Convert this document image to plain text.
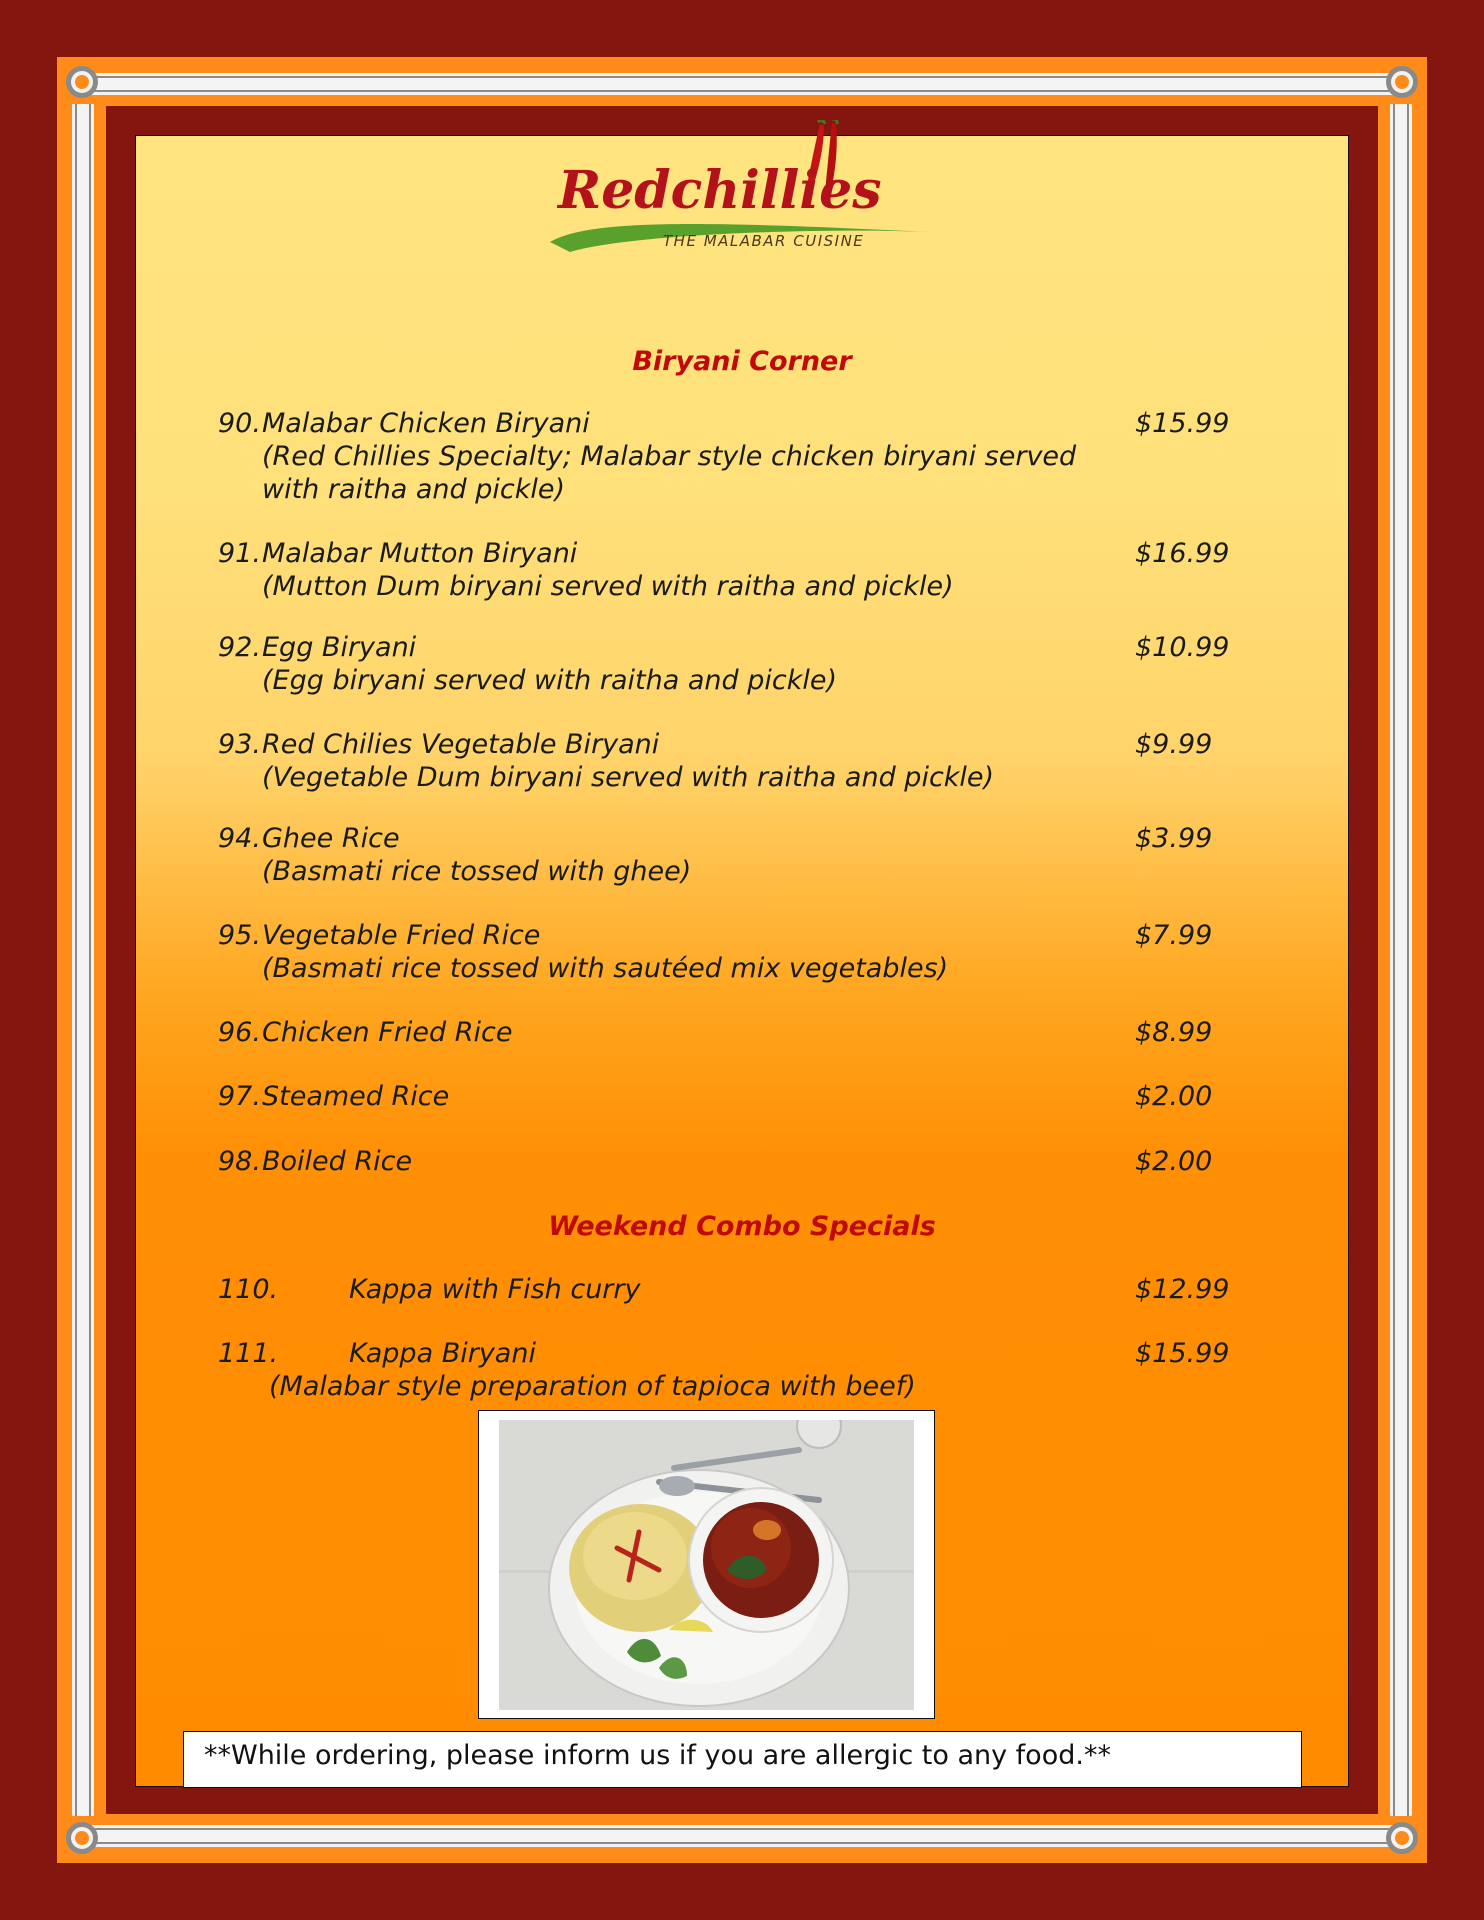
Redchillies
THE MALABAR CUISINE
Biryani Corner
90.Malabar Chicken Biryani	$15.99
(Red Chillies Specialty; Malabar style chicken biryani served with raitha and pickle)
91.Malabar Mutton Biryani	$16.99
(Mutton Dum biryani served with raitha and pickle)
92.Egg Biryani	$10.99
(Egg biryani served with raitha and pickle)
93.Red Chilies Vegetable Biryani	$9.99
(Vegetable Dum biryani served with raitha and pickle)
94.Ghee Rice	$3.99
(Basmati rice tossed with ghee)
95.Vegetable Fried Rice	$7.99
(Basmati rice tossed with sautéed mix vegetables)
96.Chicken Fried Rice	$8.99
97.Steamed Rice	$2.00
98.Boiled Rice	$2.00
Weekend Combo Specials
110.	Kappa with Fish curry	$12.99
111.	Kappa Biryani	$15.99
(Malabar style preparation of tapioca with beef)
**While ordering, please inform us if you are allergic to any food.**
